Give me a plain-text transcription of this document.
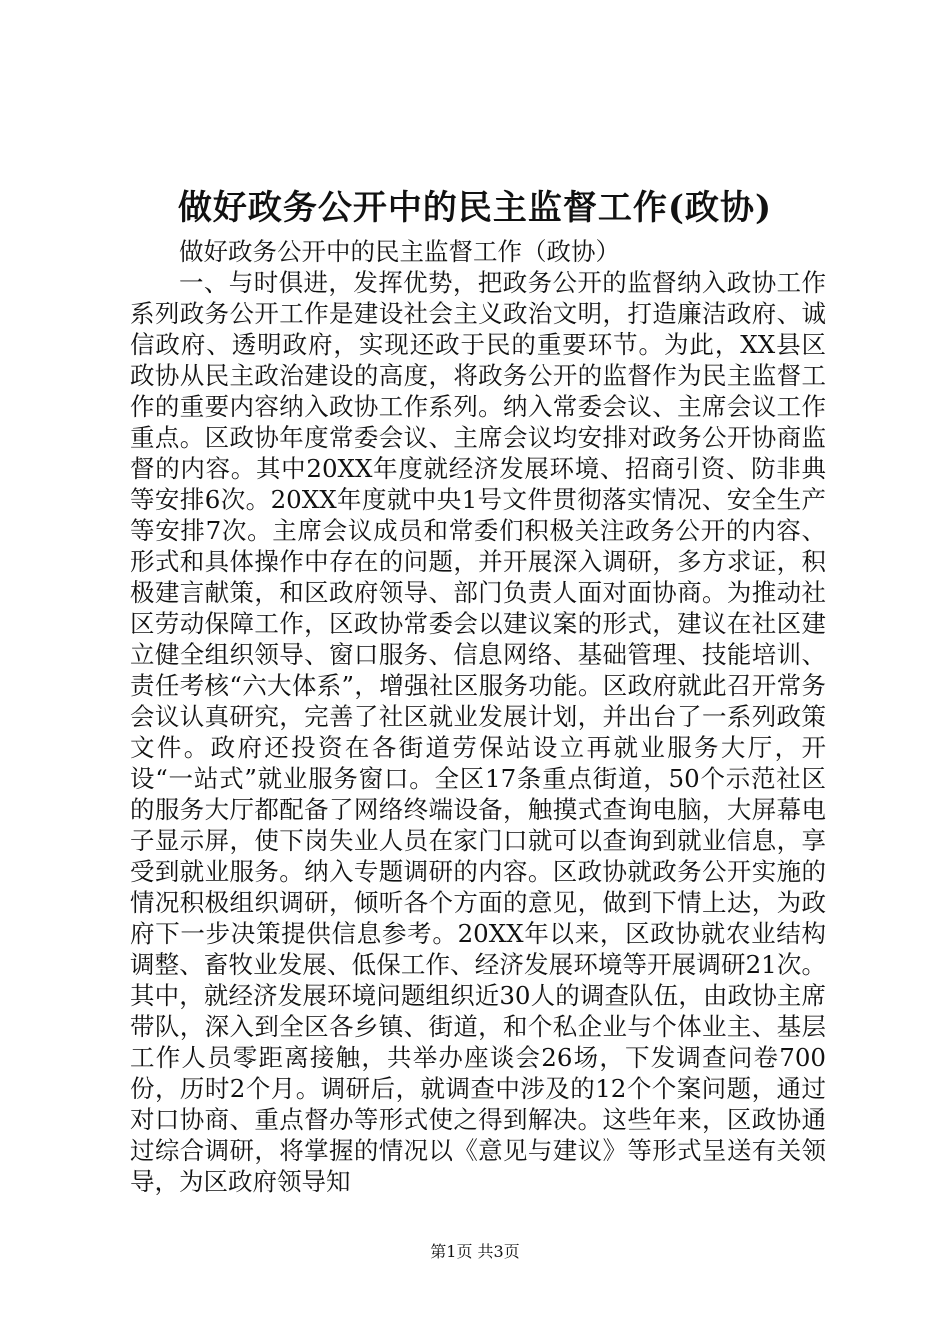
做好政务公开中的民主监督工作(政协)

做好政务公开中的民主监督工作（政协）

一、与时俱进，发挥优势，把政务公开的监督纳入政协工作系列政务公开工作是建设社会主义政治文明，打造廉洁政府、诚信政府、透明政府，实现还政于民的重要环节。为此，XX县区政协从民主政治建设的高度，将政务公开的监督作为民主监督工作的重要内容纳入政协工作系列。纳入常委会议、主席会议工作重点。区政协年度常委会议、主席会议均安排对政务公开协商监督的内容。其中20XX年度就经济发展环境、招商引资、防非典等安排6次。20XX年度就中央1号文件贯彻落实情况、安全生产等安排7次。主席会议成员和常委们积极关注政务公开的内容、形式和具体操作中存在的问题，并开展深入调研，多方求证，积极建言献策，和区政府领导、部门负责人面对面协商。为推动社区劳动保障工作，区政协常委会以建议案的形式，建议在社区建立健全组织领导、窗口服务、信息网络、基础管理、技能培训、责任考核“六大体系”，增强社区服务功能。区政府就此召开常务会议认真研究，完善了社区就业发展计划，并出台了一系列政策文件。政府还投资在各街道劳保站设立再就业服务大厅，开设“一站式”就业服务窗口。全区17条重点街道，50个示范社区的服务大厅都配备了网络终端设备，触摸式查询电脑，大屏幕电子显示屏，使下岗失业人员在家门口就可以查询到就业信息，享受到就业服务。纳入专题调研的内容。区政协就政务公开实施的情况积极组织调研，倾听各个方面的意见，做到下情上达，为政府下一步决策提供信息参考。20XX年以来，区政协就农业结构调整、畜牧业发展、低保工作、经济发展环境等开展调研21次。其中，就经济发展环境问题组织近30人的调查队伍，由政协主席带队，深入到全区各乡镇、街道，和个私企业与个体业主、基层工作人员零距离接触，共举办座谈会26场，下发调查问卷700份，历时2个月。调研后，就调查中涉及的12个个案问题，通过对口协商、重点督办等形式使之得到解决。这些年来，区政协通过综合调研，将掌握的情况以《意见与建议》等形式呈送有关领导，为区政府领导知

第1页 共3页
